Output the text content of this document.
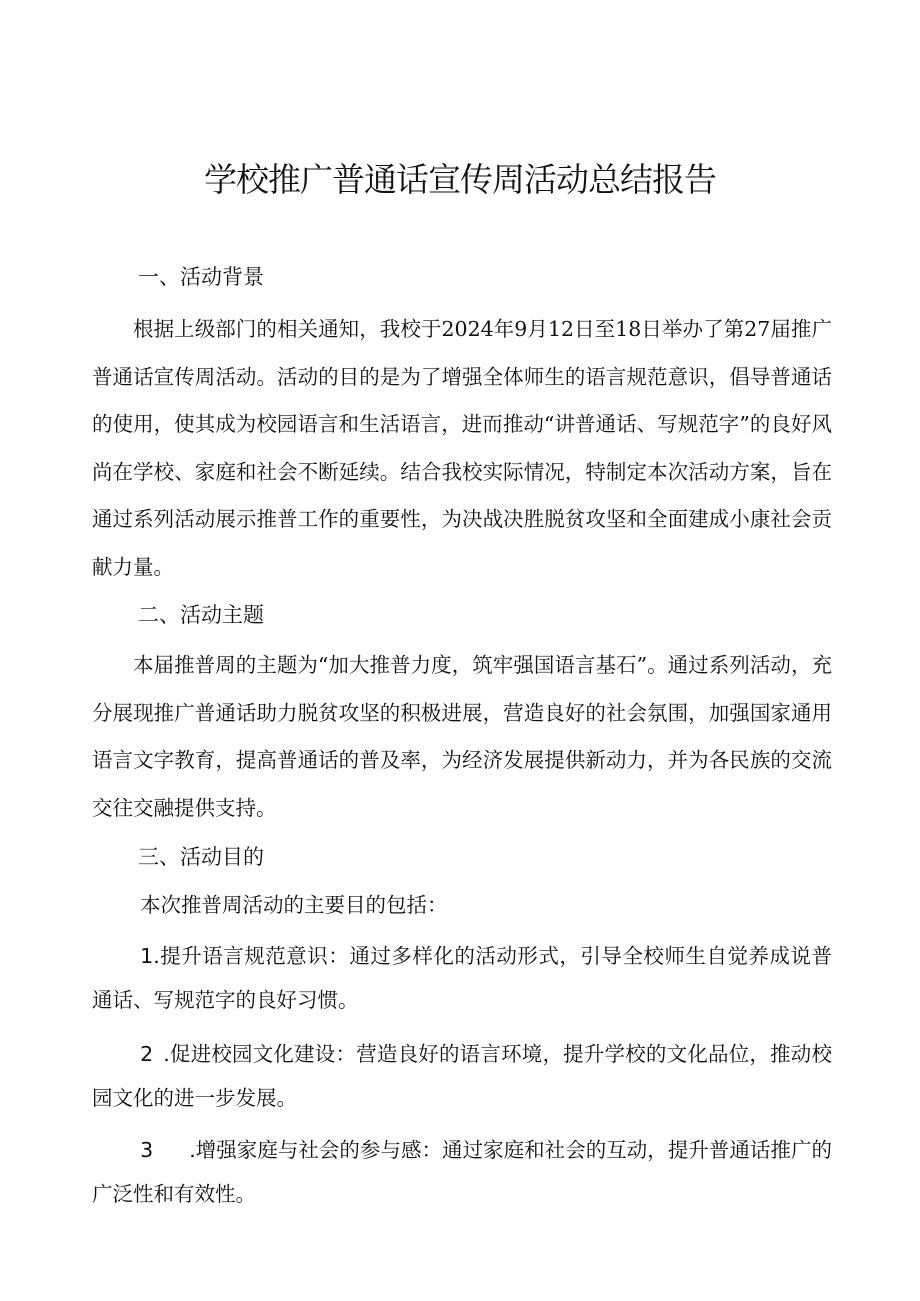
学校推广普通话宣传周活动总结报告
一、活动背景

根据上级部门的相关通知，我校于2024年9月12日至18日举办了第27届推广普通话宣传周活动。活动的目的是为了增强全体师生的语言规范意识，倡导普通话的使用，使其成为校园语言和生活语言，进而推动“讲普通话、写规范字”的良好风尚在学校、家庭和社会不断延续。结合我校实际情况，特制定本次活动方案，旨在通过系列活动展示推普工作的重要性，为决战决胜脱贫攻坚和全面建成小康社会贡献力量。

二、活动主题

本届推普周的主题为“加大推普力度，筑牢强国语言基石”。通过系列活动，充分展现推广普通话助力脱贫攻坚的积极进展，营造良好的社会氛围，加强国家通用语言文字教育，提高普通话的普及率，为经济发展提供新动力，并为各民族的交流交往交融提供支持。

三、活动目的

本次推普周活动的主要目的包括：

1.提升语言规范意识：通过多样化的活动形式，引导全校师生自觉养成说普通话、写规范字的良好习惯。

2 .促进校园文化建设：营造良好的语言环境，提升学校的文化品位，推动校园文化的进一步发展。

3 .增强家庭与社会的参与感：通过家庭和社会的互动，提升普通话推广的广泛性和有效性。
